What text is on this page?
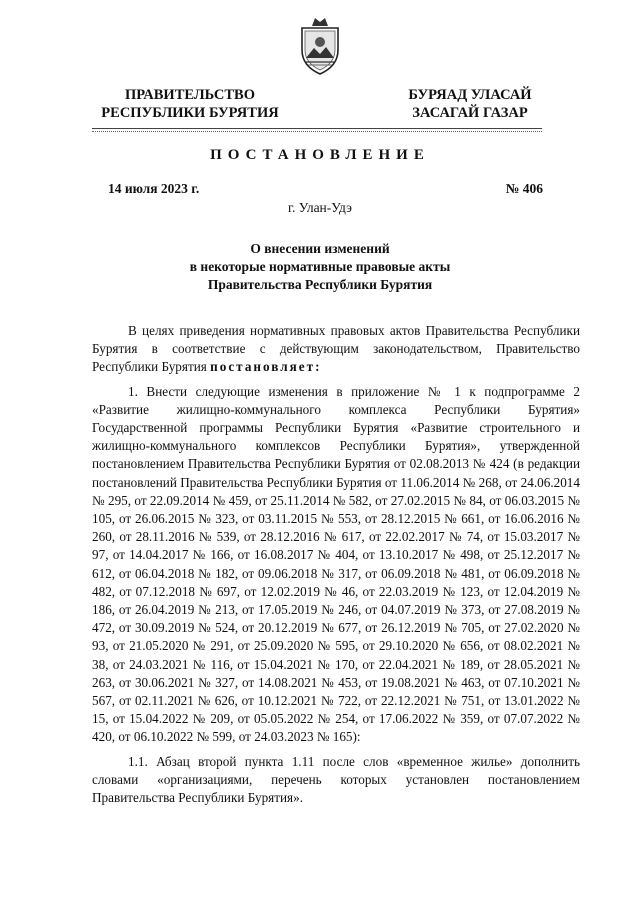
ПРАВИТЕЛЬСТВО
РЕСПУБЛИКИ БУРЯТИЯ
БУРЯАД УЛАСАЙ
ЗАСАГАЙ ГАЗАР
ПОСТАНОВЛЕНИЕ
14 июля 2023 г.	№ 406
г. Улан-Удэ
О внесении изменений
в некоторые нормативные правовые акты
Правительства Республики Бурятия

В целях приведения нормативных правовых актов Правительства Республики Бурятия в соответствие с действующим законодательством, Правительство Республики Бурятия постановляет:

1. Внести следующие изменения в приложение № 1 к подпрограмме 2 «Развитие жилищно-коммунального комплекса Республики Бурятия» Государственной программы Республики Бурятия «Развитие строительного и жилищно-коммунального комплексов Республики Бурятия», утвержденной постановлением Правительства Республики Бурятия от 02.08.2013 № 424 (в редакции постановлений Правительства Республики Бурятия от 11.06.2014 № 268, от 24.06.2014 № 295, от 22.09.2014 № 459, от 25.11.2014 № 582, от 27.02.2015 № 84, от 06.03.2015 № 105, от 26.06.2015 № 323, от 03.11.2015 № 553, от 28.12.2015 № 661, от 16.06.2016 № 260, от 28.11.2016 № 539, от 28.12.2016 № 617, от 22.02.2017 № 74, от 15.03.2017 № 97, от 14.04.2017 № 166, от 16.08.2017 № 404, от 13.10.2017 № 498, от 25.12.2017 № 612, от 06.04.2018 № 182, от 09.06.2018 № 317, от 06.09.2018 № 481, от 06.09.2018 № 482, от 07.12.2018 № 697, от 12.02.2019 № 46, от 22.03.2019 № 123, от 12.04.2019 № 186, от 26.04.2019 № 213, от 17.05.2019 № 246, от 04.07.2019 № 373, от 27.08.2019 № 472, от 30.09.2019 № 524, от 20.12.2019 № 677, от 26.12.2019 № 705, от 27.02.2020 № 93, от 21.05.2020 № 291, от 25.09.2020 № 595, от 29.10.2020 № 656, от 08.02.2021 № 38, от 24.03.2021 № 116, от 15.04.2021 № 170, от 22.04.2021 № 189, от 28.05.2021 № 263, от 30.06.2021 № 327, от 14.08.2021 № 453, от 19.08.2021 № 463, от 07.10.2021 № 567, от 02.11.2021 № 626, от 10.12.2021 № 722, от 22.12.2021 № 751, от 13.01.2022 № 15, от 15.04.2022 № 209, от 05.05.2022 № 254, от 17.06.2022 № 359, от 07.07.2022 № 420, от 06.10.2022 № 599, от 24.03.2023 № 165):

1.1. Абзац второй пункта 1.11 после слов «временное жилье» дополнить словами «организациями, перечень которых установлен постановлением Правительства Республики Бурятия».
